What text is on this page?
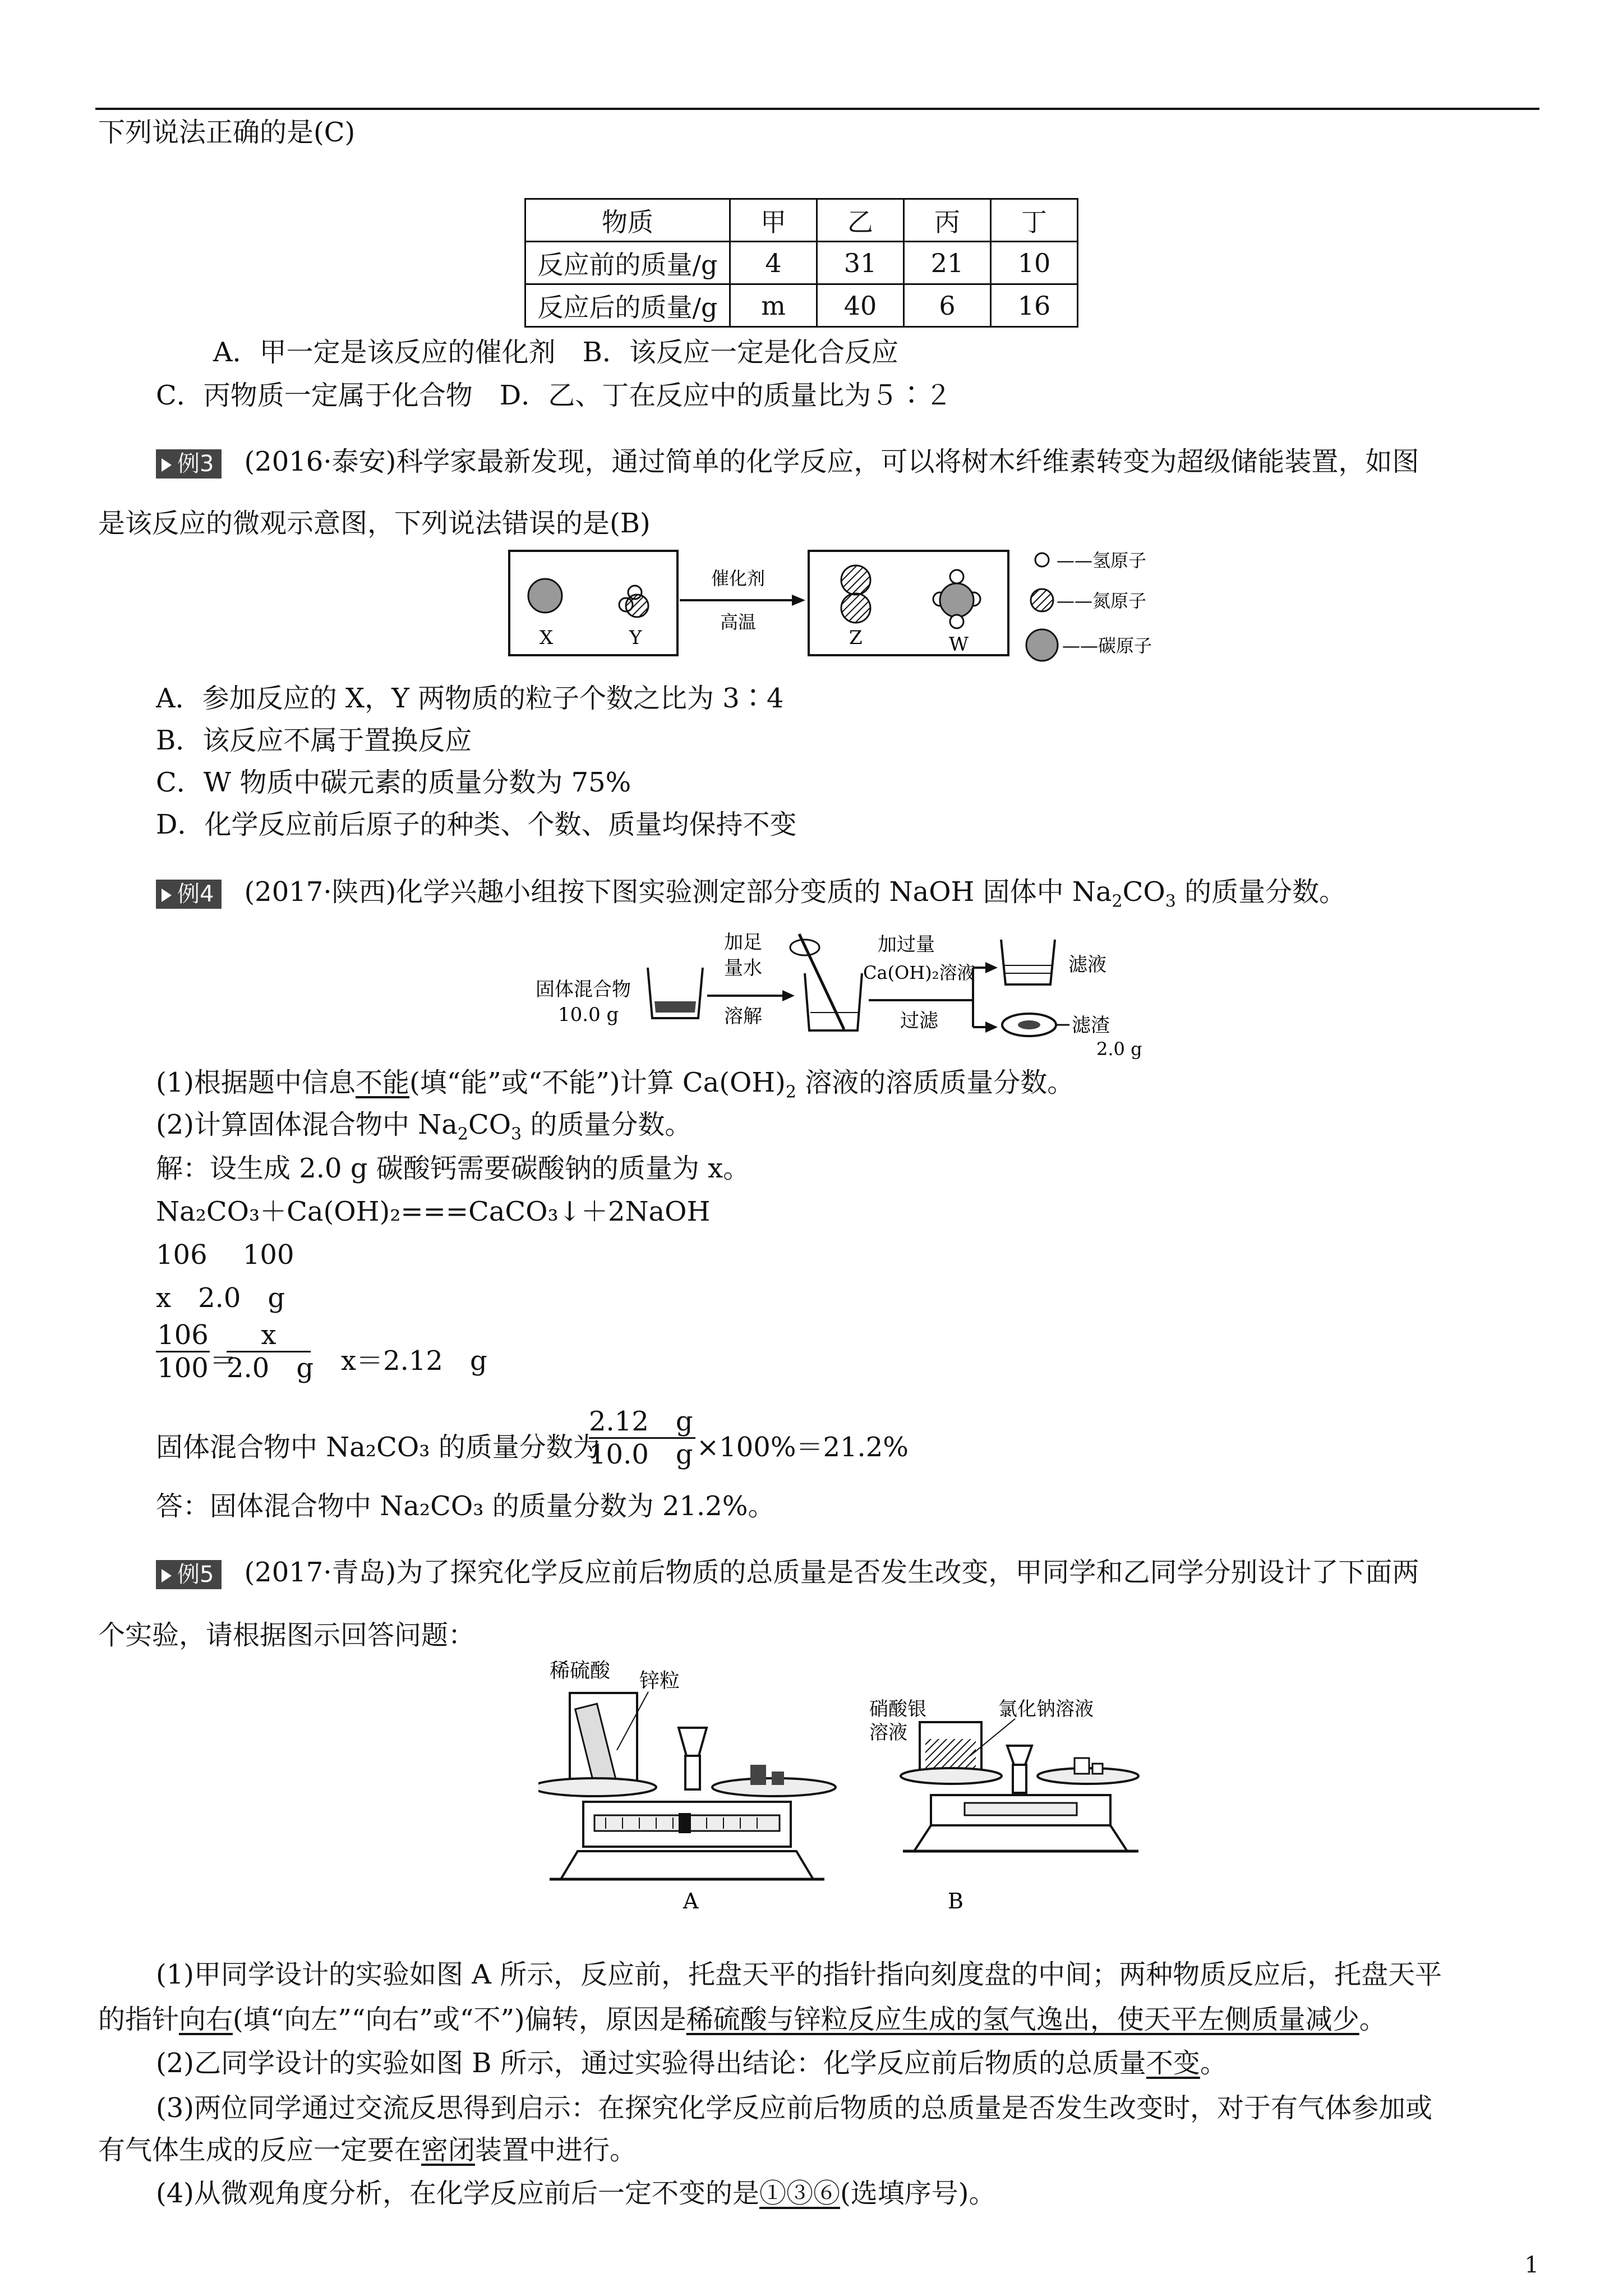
下列说法正确的是(C)
物质	甲	乙	丙	丁
反应前的质量/g	4	31	21	10
反应后的质量/g	m	40	6	16
A．甲一定是该反应的催化剂　B．该反应一定是化合反应
C．丙物质一定属于化合物　D．乙、丁在反应中的质量比为５∶２
例3 (2016·泰安)科学家最新发现，通过简单的化学反应，可以将树木纤维素转变为超级储能装置，如图
是该反应的微观示意图，下列说法错误的是(B)
X	Y
催化剂
高温
Z	W
——氢原子
——氮原子
——碳原子
A．参加反应的 X，Y 两物质的粒子个数之比为 3∶4
B．该反应不属于置换反应
C．W 物质中碳元素的质量分数为 75%
D．化学反应前后原子的种类、个数、质量均保持不变
例4 (2017·陕西)化学兴趣小组按下图实验测定部分变质的 NaOH 固体中 $Na_2CO_3$ 的质量分数。
固体混合物
10.0 g
加足
量水
溶解
加过量
Ca(OH)₂溶液
过滤
滤液
滤渣
2.0 g
(1)根据题中信息不能(填“能”或“不能”)计算 $Ca(OH)_2$ 溶液的溶质质量分数。
(2)计算固体混合物中 $Na_2CO_3$ 的质量分数。
解：设生成 2.0 g 碳酸钙需要碳酸钠的质量为 x。
Na₂CO₃＋Ca(OH)₂===CaCO₃↓＋2NaOH
106　 100
x　2.0　g
106
100 ＝
x
2.0　g	x＝2.12　g
固体混合物中 Na₂CO₃ 的质量分数为
2.12　g
10.0　g ×100%＝21.2%
答：固体混合物中 Na₂CO₃ 的质量分数为 21.2%。
例5 (2017·青岛)为了探究化学反应前后物质的总质量是否发生改变，甲同学和乙同学分别设计了下面两
个实验，请根据图示回答问题：
稀硫酸 锌粒
A
硝酸银
溶液
氯化钠溶液
B
(1)甲同学设计的实验如图 A 所示，反应前，托盘天平的指针指向刻度盘的中间；两种物质反应后，托盘天平
的指针向右(填“向左”“向右”或“不”)偏转，原因是稀硫酸与锌粒反应生成的氢气逸出，使天平左侧质量减少。
(2)乙同学设计的实验如图 B 所示，通过实验得出结论：化学反应前后物质的总质量不变。
(3)两位同学通过交流反思得到启示：在探究化学反应前后物质的总质量是否发生改变时，对于有气体参加或
有气体生成的反应一定要在密闭装置中进行。
(4)从微观角度分析，在化学反应前后一定不变的是①③⑥(选填序号)。
1
